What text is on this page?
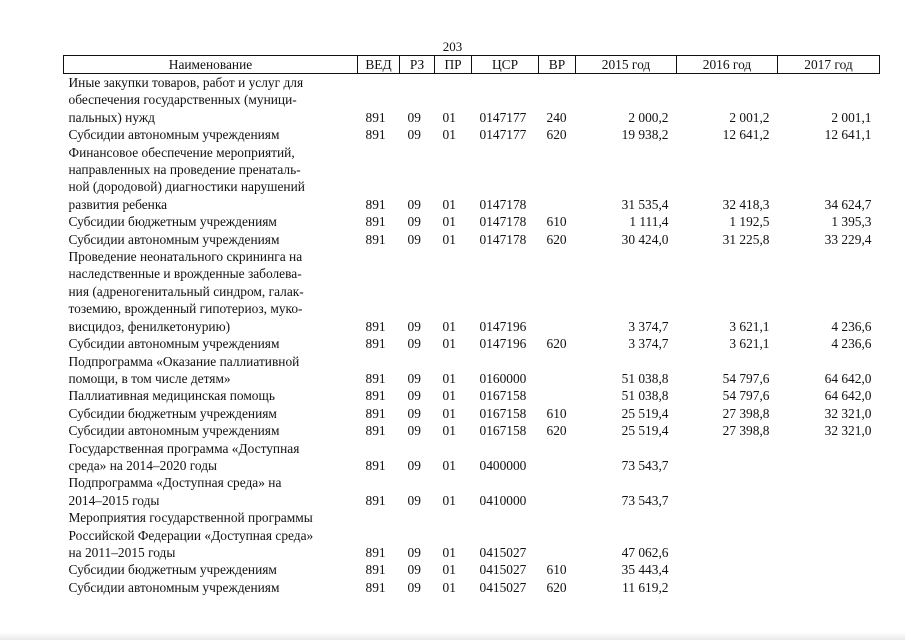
203
Наименование	ВЕД	РЗ	ПР	ЦСР	ВР	2015 год	2016 год	2017 год
Иные закупки товаров, работ и услуг для								
обеспечения государственных (муници-								
пальных) нужд	891	09	01	0147177	240	2 000,2	2 001,2	2 001,1
Субсидии автономным учреждениям	891	09	01	0147177	620	19 938,2	12 641,2	12 641,1
Финансовое обеспечение мероприятий,								
направленных на проведение пренаталь-								
ной (дородовой) диагностики нарушений								
развития ребенка	891	09	01	0147178		31 535,4	32 418,3	34 624,7
Субсидии бюджетным учреждениям	891	09	01	0147178	610	1 111,4	1 192,5	1 395,3
Субсидии автономным учреждениям	891	09	01	0147178	620	30 424,0	31 225,8	33 229,4
Проведение неонатального скрининга на								
наследственные и врожденные заболева-								
ния (адреногенитальный синдром, галак-								
тоземию, врожденный гипотериоз, муко-								
висцидоз, фенилкетонурию)	891	09	01	0147196		3 374,7	3 621,1	4 236,6
Субсидии автономным учреждениям	891	09	01	0147196	620	3 374,7	3 621,1	4 236,6
Подпрограмма «Оказание паллиативной								
помощи, в том числе детям»	891	09	01	0160000		51 038,8	54 797,6	64 642,0
Паллиативная медицинская помощь	891	09	01	0167158		51 038,8	54 797,6	64 642,0
Субсидии бюджетным учреждениям	891	09	01	0167158	610	25 519,4	27 398,8	32 321,0
Субсидии автономным учреждениям	891	09	01	0167158	620	25 519,4	27 398,8	32 321,0
Государственная программа «Доступная								
среда» на 2014–2020 годы	891	09	01	0400000		73 543,7		
Подпрограмма «Доступная среда» на								
2014–2015 годы	891	09	01	0410000		73 543,7		
Мероприятия государственной программы								
Российской Федерации «Доступная среда»								
на 2011–2015 годы	891	09	01	0415027		47 062,6		
Субсидии бюджетным учреждениям	891	09	01	0415027	610	35 443,4		
Субсидии автономным учреждениям	891	09	01	0415027	620	11 619,2		
